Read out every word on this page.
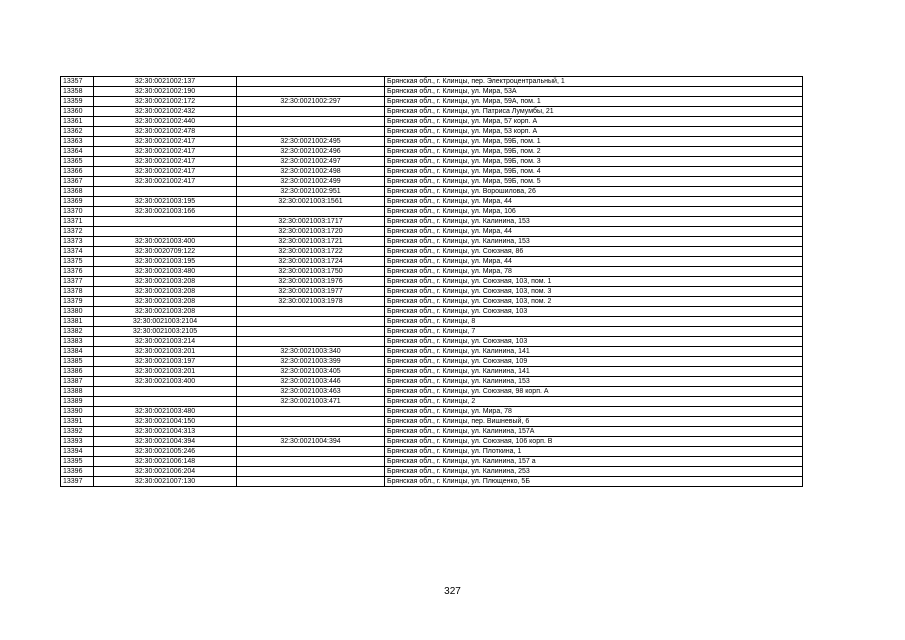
13357	32:30:0021002:137		Брянская обл., г. Клинцы, пер. Электроцентральный, 1
13358	32:30:0021002:190		Брянская обл., г. Клинцы, ул. Мира, 53А
13359	32:30:0021002:172	32:30:0021002:297	Брянская обл., г. Клинцы, ул. Мира, 59А, пом. 1
13360	32:30:0021002:432		Брянская обл., г. Клинцы, ул. Патриса Лумумбы, 21
13361	32:30:0021002:440		Брянская обл., г. Клинцы, ул. Мира, 57 корп. А
13362	32:30:0021002:478		Брянская обл., г. Клинцы, ул. Мира, 53 корп. А
13363	32:30:0021002:417	32:30:0021002:495	Брянская обл., г. Клинцы, ул. Мира, 59Б, пом. 1
13364	32:30:0021002:417	32:30:0021002:496	Брянская обл., г. Клинцы, ул. Мира, 59Б, пом. 2
13365	32:30:0021002:417	32:30:0021002:497	Брянская обл., г. Клинцы, ул. Мира, 59Б, пом. 3
13366	32:30:0021002:417	32:30:0021002:498	Брянская обл., г. Клинцы, ул. Мира, 59Б, пом. 4
13367	32:30:0021002:417	32:30:0021002:499	Брянская обл., г. Клинцы, ул. Мира, 59Б, пом. 5
13368		32:30:0021002:951	Брянская обл., г. Клинцы, ул. Ворошилова, 26
13369	32:30:0021003:195	32:30:0021003:1561	Брянская обл., г. Клинцы, ул. Мира, 44
13370	32:30:0021003:166		Брянская обл., г. Клинцы, ул. Мира, 106
13371		32:30:0021003:1717	Брянская обл., г. Клинцы, ул. Калинина, 153
13372		32:30:0021003:1720	Брянская обл., г. Клинцы, ул. Мира, 44
13373	32:30:0021003:400	32:30:0021003:1721	Брянская обл., г. Клинцы, ул. Калинина, 153
13374	32:30:0020709:122	32:30:0021003:1722	Брянская обл., г. Клинцы, ул. Союзная, 86
13375	32:30:0021003:195	32:30:0021003:1724	Брянская обл., г. Клинцы, ул. Мира, 44
13376	32:30:0021003:480	32:30:0021003:1750	Брянская обл., г. Клинцы, ул. Мира, 78
13377	32:30:0021003:208	32:30:0021003:1976	Брянская обл., г. Клинцы, ул. Союзная, 103, пом. 1
13378	32:30:0021003:208	32:30:0021003:1977	Брянская обл., г. Клинцы, ул. Союзная, 103, пом. 3
13379	32:30:0021003:208	32:30:0021003:1978	Брянская обл., г. Клинцы, ул. Союзная, 103, пом. 2
13380	32:30:0021003:208		Брянская обл., г. Клинцы, ул. Союзная, 103
13381	32:30:0021003:2104		Брянская обл., г. Клинцы, 8
13382	32:30:0021003:2105		Брянская обл., г. Клинцы, 7
13383	32:30:0021003:214		Брянская обл., г. Клинцы, ул. Союзная, 103
13384	32:30:0021003:201	32:30:0021003:340	Брянская обл., г. Клинцы, ул. Калинина, 141
13385	32:30:0021003:197	32:30:0021003:399	Брянская обл., г. Клинцы, ул. Союзная, 109
13386	32:30:0021003:201	32:30:0021003:405	Брянская обл., г. Клинцы, ул. Калинина, 141
13387	32:30:0021003:400	32:30:0021003:446	Брянская обл., г. Клинцы, ул. Калинина, 153
13388		32:30:0021003:463	Брянская обл., г. Клинцы, ул. Союзная, 98 корп. А
13389		32:30:0021003:471	Брянская обл., г. Клинцы, 2
13390	32:30:0021003:480		Брянская обл., г. Клинцы, ул. Мира, 78
13391	32:30:0021004:150		Брянская обл., г. Клинцы, пер. Вишневый, 6
13392	32:30:0021004:313		Брянская обл., г. Клинцы, ул. Калинина, 157А
13393	32:30:0021004:394	32:30:0021004:394	Брянская обл., г. Клинцы, ул. Союзная, 106 корп. В
13394	32:30:0021005:246		Брянская обл., г. Клинцы, ул. Плоткина, 1
13395	32:30:0021006:148		Брянская обл., г. Клинцы, ул. Калинина, 157 а
13396	32:30:0021006:204		Брянская обл., г. Клинцы, ул. Калинина, 253
13397	32:30:0021007:130		Брянская обл., г. Клинцы, ул. Плющенко, 5Б
327
